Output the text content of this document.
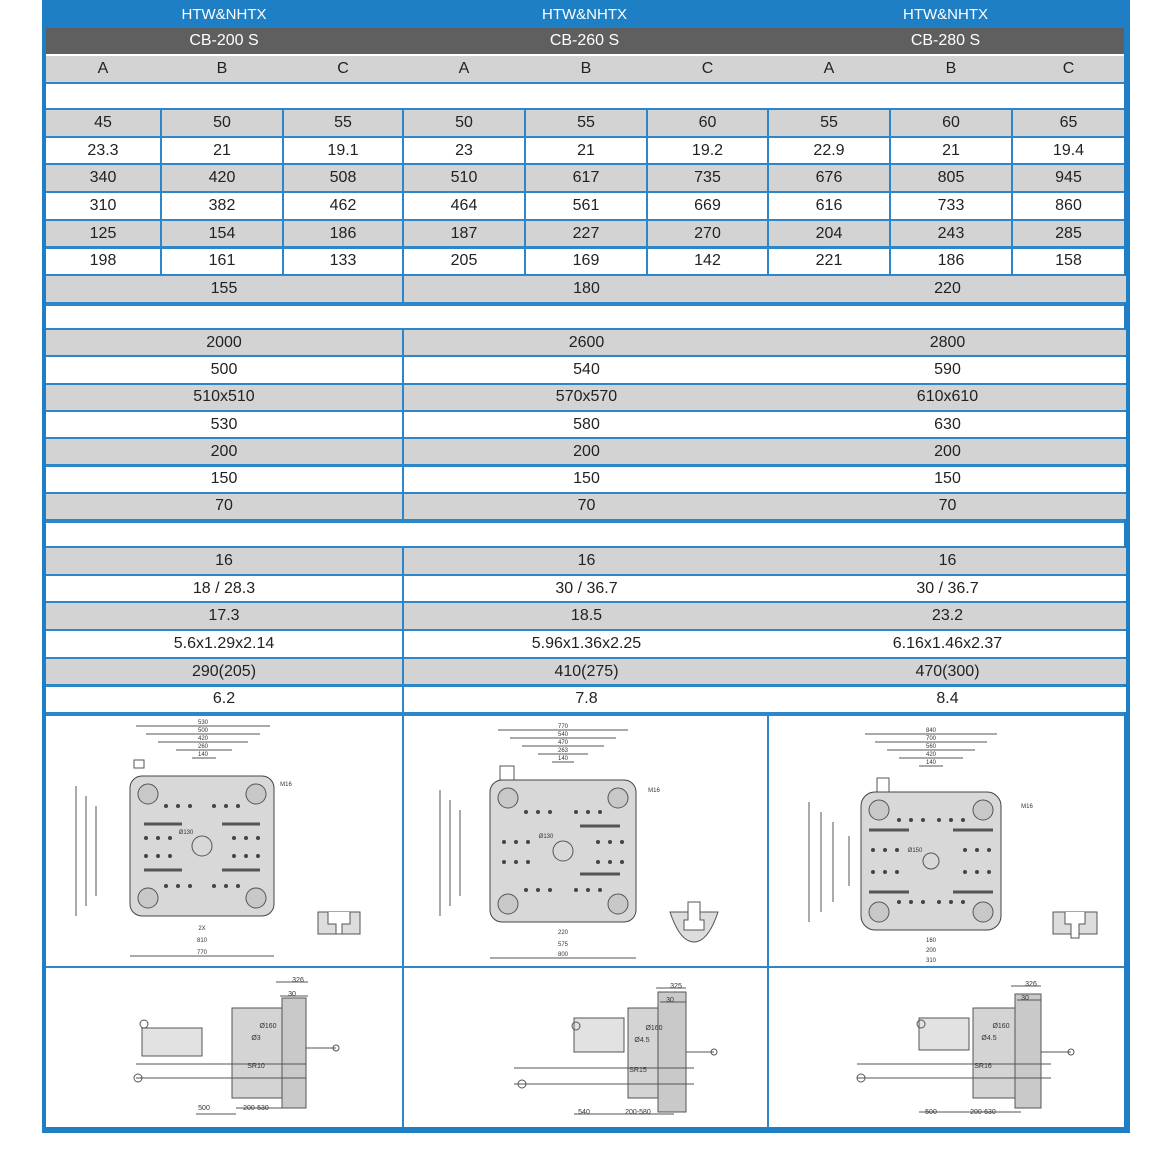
HTW&NHTX
CB-200 S
HTW&NHTX
CB-260 S
HTW&NHTX
CB-280 S
A	B	C	A	B	C	A	B	C
45	50	55	50	55	60	55	60	65
23.3	21	19.1	23	21	19.2	22.9	21	19.4
340	420	508	510	617	735	676	805	945
310	382	462	464	561	669	616	733	860
125	154	186	187	227	270	204	243	285
198	161	133	205	169	142	221	186	158
155	180	220
2000	2600	2800
500	540	590
510x510	570x570	610x610
530	580	630
200	200	200
150	150	150
70	70	70
16	16	16
18 / 28.3	30 / 36.7	30 / 36.7
17.3	18.5	23.2
5.6x1.29x2.14	5.96x1.36x2.25	6.16x1.46x2.37
290(205)	410(275)	470(300)
6.2	7.8	8.4
530
500
420
260
140
2X
810
770
Ø130
M16
770
540
470
263
140
220
575
800
Ø130
M16
840
700
560
420
140
160
200
310
Ø150
M16
326
30
500	200-530
SR10
Ø3
Ø160
325
30
540	200-580
SR15
Ø4.5
Ø160
326
30
500	200-630
SR16
Ø4.5
Ø160
